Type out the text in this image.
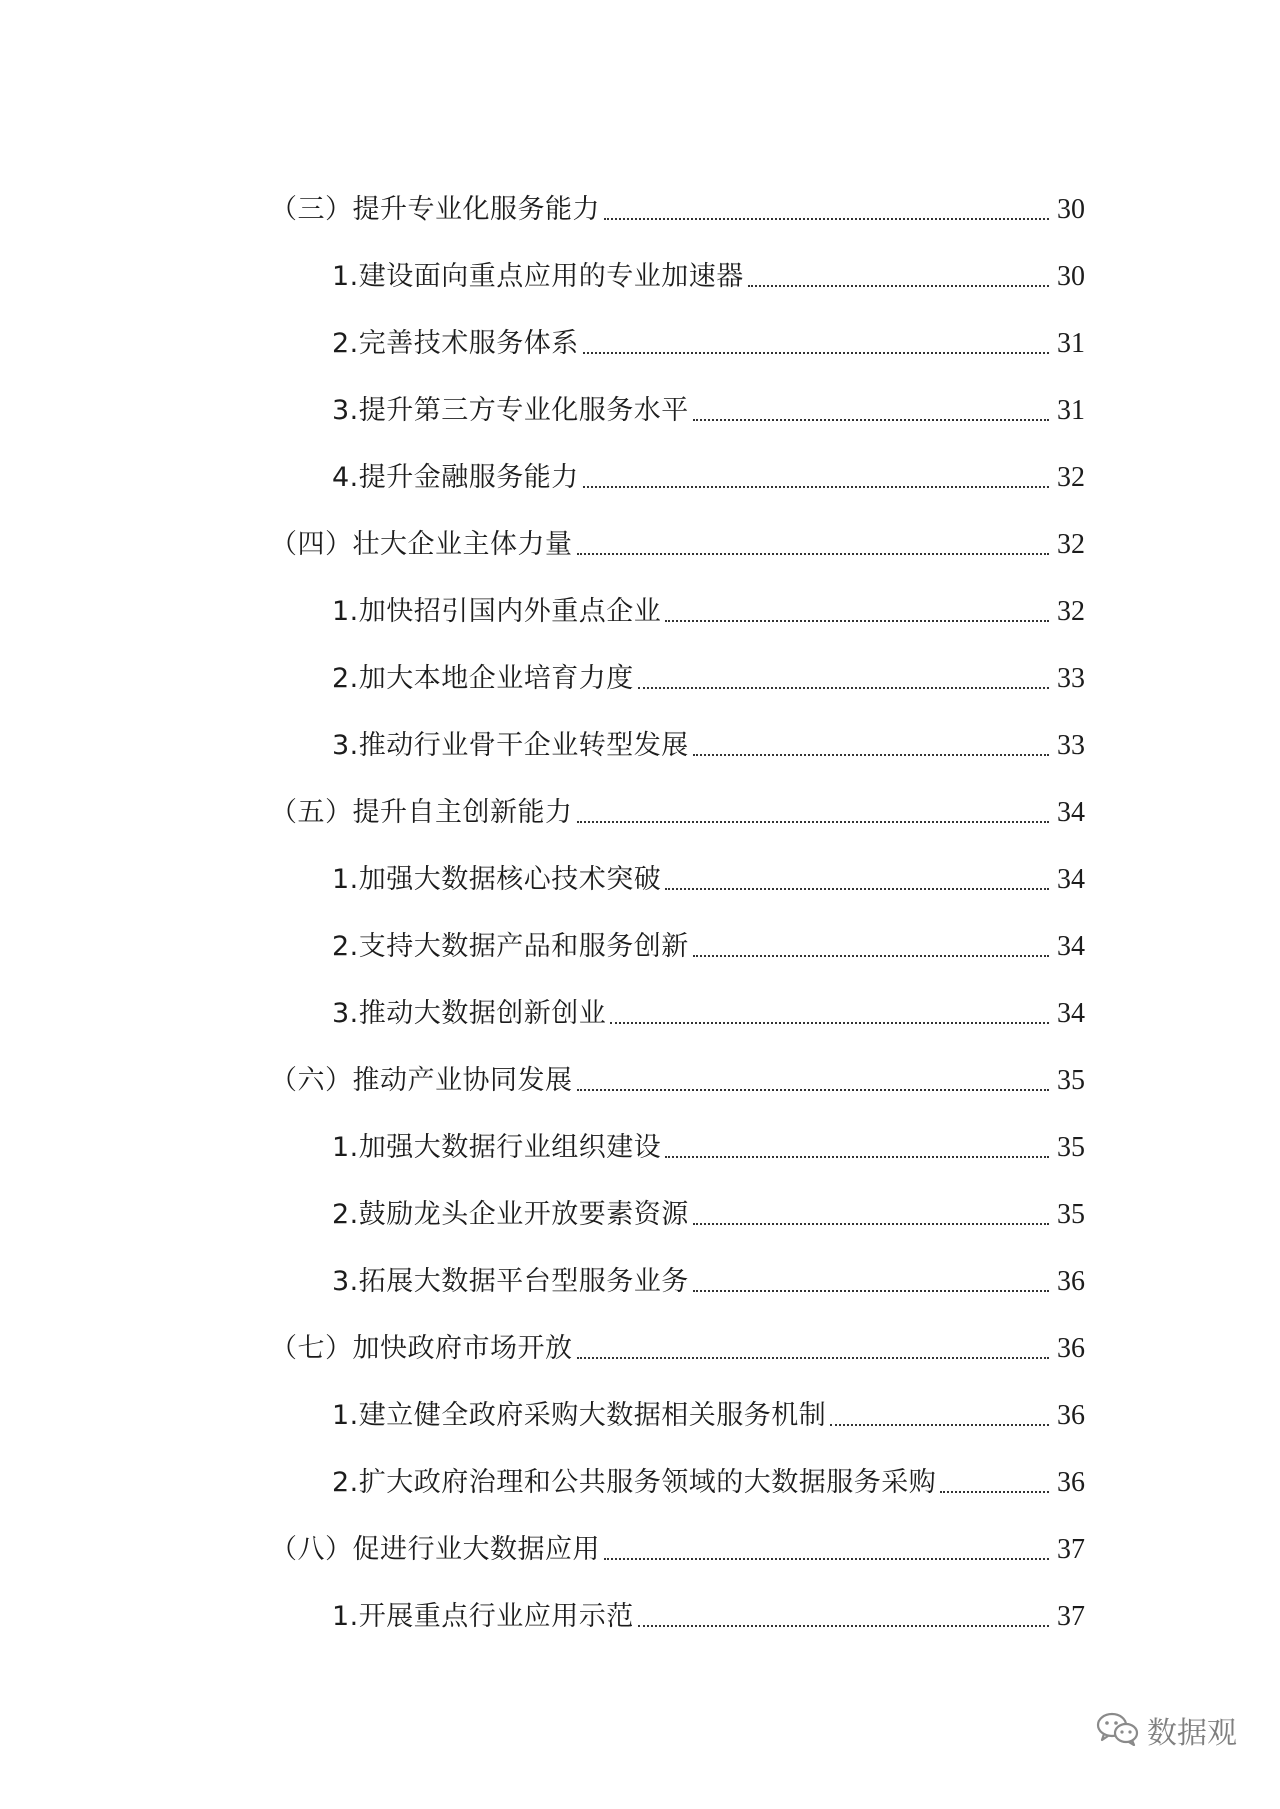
（三）提升专业化服务能力	30
1.建设面向重点应用的专业加速器	30
2.完善技术服务体系	31
3.提升第三方专业化服务水平	31
4.提升金融服务能力	32
（四）壮大企业主体力量	32
1.加快招引国内外重点企业	32
2.加大本地企业培育力度	33
3.推动行业骨干企业转型发展	33
（五）提升自主创新能力	34
1.加强大数据核心技术突破	34
2.支持大数据产品和服务创新	34
3.推动大数据创新创业	34
（六）推动产业协同发展	35
1.加强大数据行业组织建设	35
2.鼓励龙头企业开放要素资源	35
3.拓展大数据平台型服务业务	36
（七）加快政府市场开放	36
1.建立健全政府采购大数据相关服务机制	36
2.扩大政府治理和公共服务领域的大数据服务采购	36
（八）促进行业大数据应用	37
1.开展重点行业应用示范	37
数据观
